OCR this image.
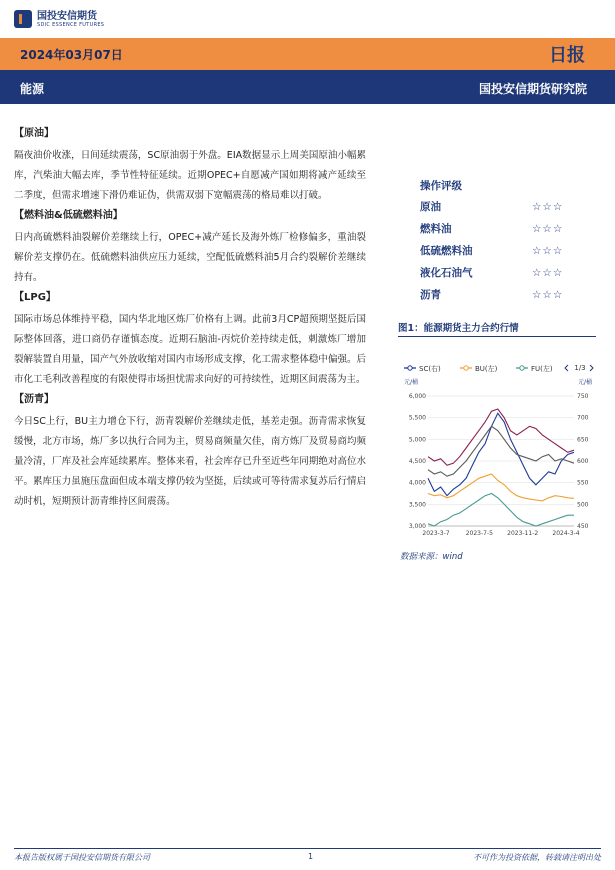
国投安信期货
SDIC ESSENCE FUTURES
2024年03月07日	日报
能源	国投安信期货研究院
【原油】
隔夜油价收涨，日间延续震荡，SC原油弱于外盘。EIA数据显示上周美国原油小幅累库，汽柴油大幅去库，季节性特征延续。近期OPEC+自愿减产国如期将减产延续至二季度，但需求增速下滑仍难证伪，供需双弱下宽幅震荡的格局难以打破。
【燃料油&低硫燃料油】
日内高硫燃料油裂解价差继续上行，OPEC+减产延长及海外炼厂检修偏多，重油裂解价差支撑仍在。低硫燃料油供应压力延续，空配低硫燃料油5月合约裂解价差继续持有。
【LPG】
国际市场总体维持平稳，国内华北地区炼厂价格有上调。此前3月CP超预期坚挺后国际整体回落，进口商仍存谨慎态度。近期石脑油-丙烷价差持续走低，刺激炼厂增加裂解装置自用量，国产气外放收缩对国内市场形成支撑，化工需求整体稳中偏强。后市化工毛利改善程度的有限使得市场担忧需求向好的可持续性，近期区间震荡为主。
【沥青】
今日SC上行，BU主力增仓下行，沥青裂解价差继续走低，基差走强。沥青需求恢复缓慢，北方市场，炼厂多以执行合同为主，贸易商频量欠佳，南方炼厂及贸易商均频量冷清，厂库及社会库延续累库。整体来看，社会库存已升至近些年同期绝对高位水平。累库压力虽施压盘面但成本端支撑仍较为坚挺，后续或可等待需求复苏后行情启动时机，短期预计沥青维持区间震荡。
操作评级
原油	☆☆☆
燃料油	☆☆☆
低硫燃料油	☆☆☆
液化石油气	☆☆☆
沥青	☆☆☆
图1：能源期货主力合约行情
SC(右)	BU(左)	FU(左)	1/3
元/桶	元/桶
3,000
3,500
4,000
4,500
5,000
5,500
6,000
450
500
550
600
650
700
750
2023-3-7	2023-7-5 2023-11-2 2024-3-4
数据来源：wind
本报告版权属于国投安信期货有限公司	1	不可作为投资依据，转载请注明出处
